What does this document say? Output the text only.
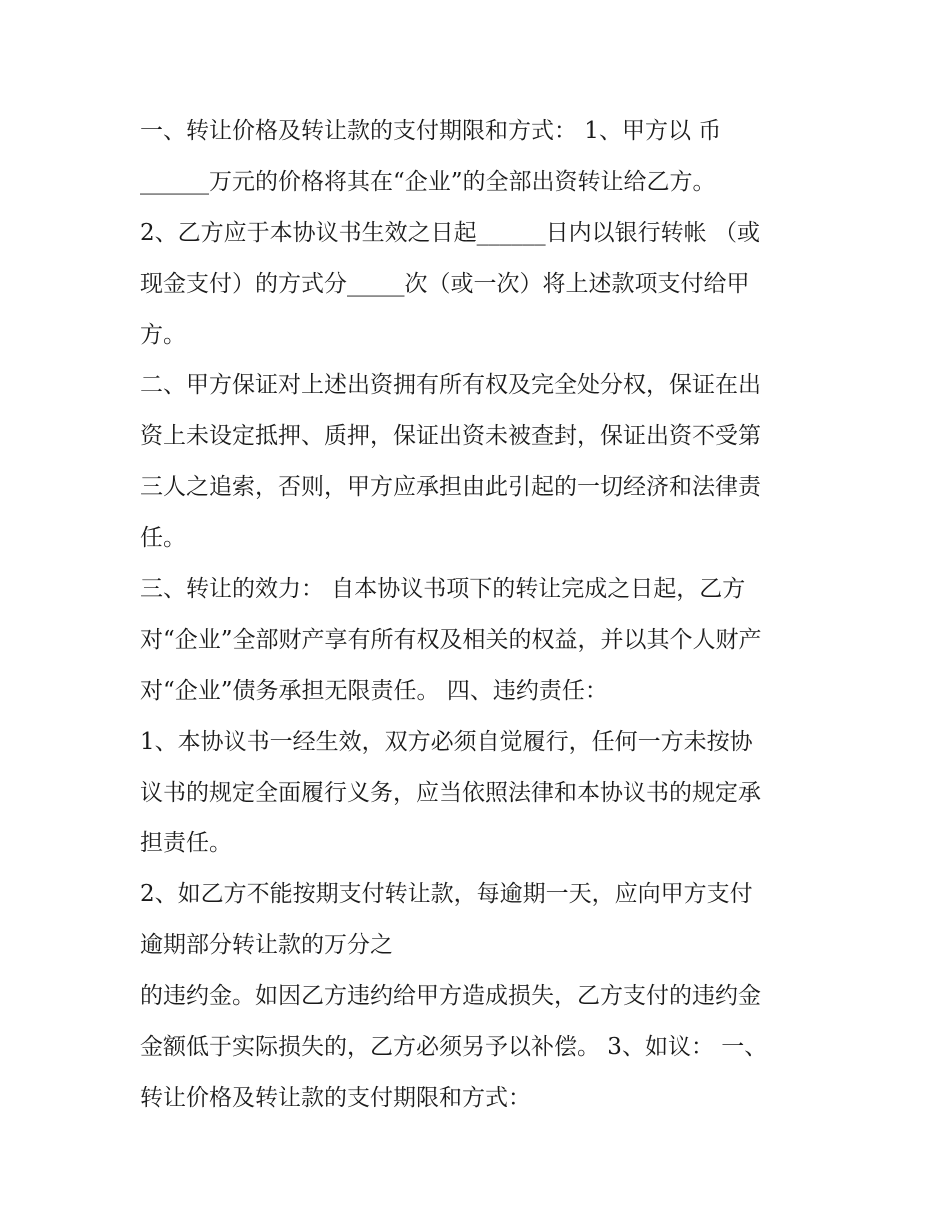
一、转让价格及转让款的支付期限和方式： 1、甲方以 币
______万元的价格将其在“企业”的全部出资转让给乙方。
2、乙方应于本协议书生效之日起______日内以银行转帐 （或
现金支付）的方式分_____次（或一次）将上述款项支付给甲
方。
二、甲方保证对上述出资拥有所有权及完全处分权，保证在出
资上未设定抵押、质押，保证出资未被查封，保证出资不受第
三人之追索，否则，甲方应承担由此引起的一切经济和法律责
任。
三、转让的效力： 自本协议书项下的转让完成之日起，乙方
对“企业”全部财产享有所有权及相关的权益，并以其个人财产
对“企业”债务承担无限责任。 四、违约责任：
1、本协议书一经生效，双方必须自觉履行，任何一方未按协
议书的规定全面履行义务，应当依照法律和本协议书的规定承
担责任。
2、如乙方不能按期支付转让款，每逾期一天，应向甲方支付
逾期部分转让款的万分之
的违约金。如因乙方违约给甲方造成损失，乙方支付的违约金
金额低于实际损失的，乙方必须另予以补偿。 3、如议： 一、
转让价格及转让款的支付期限和方式：
